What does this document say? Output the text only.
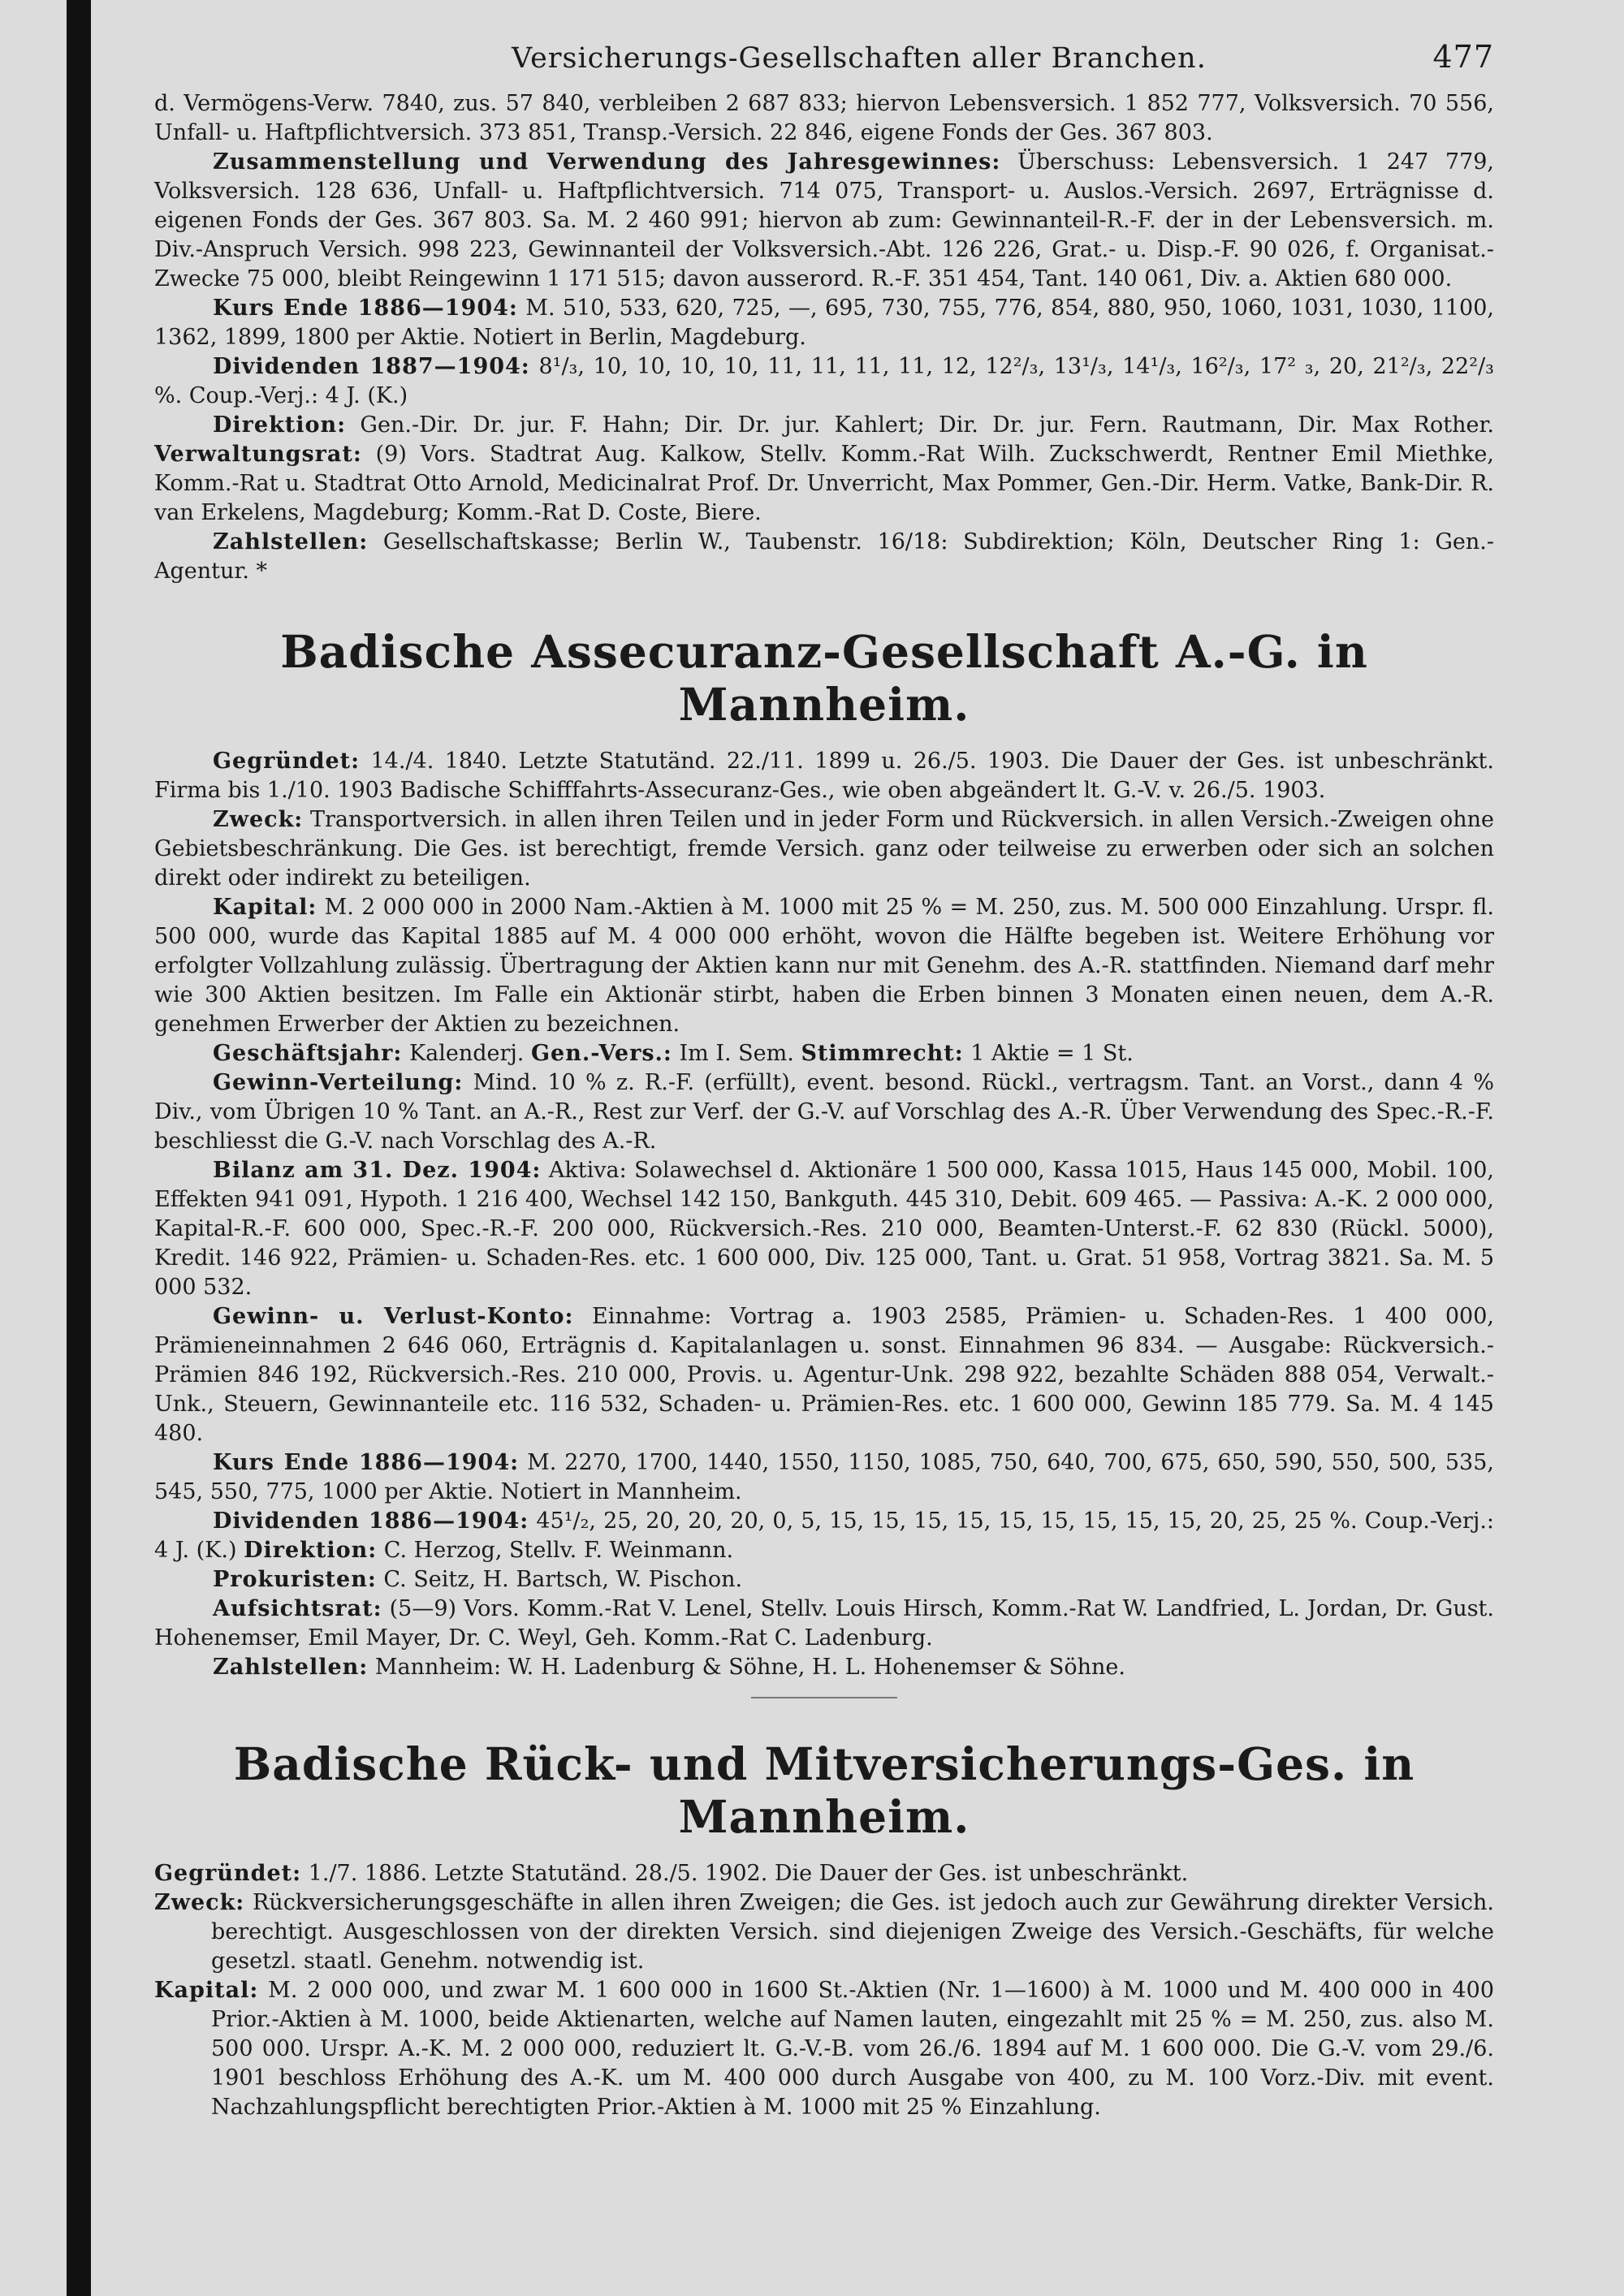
Versicherungs-Gesellschaften aller Branchen.	477

d. Vermögens-Verw. 7840, zus. 57 840, verbleiben 2 687 833; hiervon Lebensversich. 1 852 777, Volksversich. 70 556, Unfall- u. Haftpflichtversich. 373 851, Transp.-Versich. 22 846, eigene Fonds der Ges. 367 803.

Zusammenstellung und Verwendung des Jahresgewinnes: Überschuss: Lebensversich. 1 247 779, Volksversich. 128 636, Unfall- u. Haftpflichtversich. 714 075, Transport- u. Auslos.-Versich. 2697, Erträgnisse d. eigenen Fonds der Ges. 367 803. Sa. M. 2 460 991; hiervon ab zum: Gewinnanteil-R.-F. der in der Lebensversich. m. Div.-Anspruch Versich. 998 223, Gewinnanteil der Volksversich.-Abt. 126 226, Grat.- u. Disp.-F. 90 026, f. Organisat.-Zwecke 75 000, bleibt Reingewinn 1 171 515; davon ausserord. R.-F. 351 454, Tant. 140 061, Div. a. Aktien 680 000.

Kurs Ende 1886—1904: M. 510, 533, 620, 725, —, 695, 730, 755, 776, 854, 880, 950, 1060, 1031, 1030, 1100, 1362, 1899, 1800 per Aktie. Notiert in Berlin, Magdeburg.

Dividenden 1887—1904: 8¹/₃, 10, 10, 10, 10, 11, 11, 11, 11, 12, 12²/₃, 13¹/₃, 14¹/₃, 16²/₃, 17² ₃, 20, 21²/₃, 22²/₃ %. Coup.-Verj.: 4 J. (K.)

Direktion: Gen.-Dir. Dr. jur. F. Hahn; Dir. Dr. jur. Kahlert; Dir. Dr. jur. Fern. Rautmann, Dir. Max Rother. Verwaltungsrat: (9) Vors. Stadtrat Aug. Kalkow, Stellv. Komm.-Rat Wilh. Zuckschwerdt, Rentner Emil Miethke, Komm.-Rat u. Stadtrat Otto Arnold, Medicinalrat Prof. Dr. Unverricht, Max Pommer, Gen.-Dir. Herm. Vatke, Bank-Dir. R. van Erkelens, Magdeburg; Komm.-Rat D. Coste, Biere.

Zahlstellen: Gesellschaftskasse; Berlin W., Taubenstr. 16/18: Subdirektion; Köln, Deutscher Ring 1: Gen.-Agentur. *

Badische Assecuranz-Gesellschaft A.-G. in Mannheim.

Gegründet: 14./4. 1840. Letzte Statutänd. 22./11. 1899 u. 26./5. 1903. Die Dauer der Ges. ist unbeschränkt. Firma bis 1./10. 1903 Badische Schifffahrts-Assecuranz-Ges., wie oben abgeändert lt. G.-V. v. 26./5. 1903.

Zweck: Transportversich. in allen ihren Teilen und in jeder Form und Rückversich. in allen Versich.-Zweigen ohne Gebietsbeschränkung. Die Ges. ist berechtigt, fremde Versich. ganz oder teilweise zu erwerben oder sich an solchen direkt oder indirekt zu beteiligen.

Kapital: M. 2 000 000 in 2000 Nam.-Aktien à M. 1000 mit 25 % = M. 250, zus. M. 500 000 Einzahlung. Urspr. fl. 500 000, wurde das Kapital 1885 auf M. 4 000 000 erhöht, wovon die Hälfte begeben ist. Weitere Erhöhung vor erfolgter Vollzahlung zulässig. Übertragung der Aktien kann nur mit Genehm. des A.-R. stattfinden. Niemand darf mehr wie 300 Aktien besitzen. Im Falle ein Aktionär stirbt, haben die Erben binnen 3 Monaten einen neuen, dem A.-R. genehmen Erwerber der Aktien zu bezeichnen.

Geschäftsjahr: Kalenderj. Gen.-Vers.: Im I. Sem. Stimmrecht: 1 Aktie = 1 St.

Gewinn-Verteilung: Mind. 10 % z. R.-F. (erfüllt), event. besond. Rückl., vertragsm. Tant. an Vorst., dann 4 % Div., vom Übrigen 10 % Tant. an A.-R., Rest zur Verf. der G.-V. auf Vorschlag des A.-R. Über Verwendung des Spec.-R.-F. beschliesst die G.-V. nach Vorschlag des A.-R.

Bilanz am 31. Dez. 1904: Aktiva: Solawechsel d. Aktionäre 1 500 000, Kassa 1015, Haus 145 000, Mobil. 100, Effekten 941 091, Hypoth. 1 216 400, Wechsel 142 150, Bankguth. 445 310, Debit. 609 465. — Passiva: A.-K. 2 000 000, Kapital-R.-F. 600 000, Spec.-R.-F. 200 000, Rückversich.-Res. 210 000, Beamten-Unterst.-F. 62 830 (Rückl. 5000), Kredit. 146 922, Prämien- u. Schaden-Res. etc. 1 600 000, Div. 125 000, Tant. u. Grat. 51 958, Vortrag 3821. Sa. M. 5 000 532.

Gewinn- u. Verlust-Konto: Einnahme: Vortrag a. 1903 2585, Prämien- u. Schaden-Res. 1 400 000, Prämieneinnahmen 2 646 060, Erträgnis d. Kapitalanlagen u. sonst. Einnahmen 96 834. — Ausgabe: Rückversich.-Prämien 846 192, Rückversich.-Res. 210 000, Provis. u. Agentur-Unk. 298 922, bezahlte Schäden 888 054, Verwalt.-Unk., Steuern, Gewinnanteile etc. 116 532, Schaden- u. Prämien-Res. etc. 1 600 000, Gewinn 185 779. Sa. M. 4 145 480.

Kurs Ende 1886—1904: M. 2270, 1700, 1440, 1550, 1150, 1085, 750, 640, 700, 675, 650, 590, 550, 500, 535, 545, 550, 775, 1000 per Aktie. Notiert in Mannheim.

Dividenden 1886—1904: 45¹/₂, 25, 20, 20, 20, 0, 5, 15, 15, 15, 15, 15, 15, 15, 15, 15, 20, 25, 25 %. Coup.-Verj.: 4 J. (K.) Direktion: C. Herzog, Stellv. F. Weinmann.

Prokuristen: C. Seitz, H. Bartsch, W. Pischon.

Aufsichtsrat: (5—9) Vors. Komm.-Rat V. Lenel, Stellv. Louis Hirsch, Komm.-Rat W. Landfried, L. Jordan, Dr. Gust. Hohenemser, Emil Mayer, Dr. C. Weyl, Geh. Komm.-Rat C. Ladenburg.

Zahlstellen: Mannheim: W. H. Ladenburg & Söhne, H. L. Hohenemser & Söhne.

Badische Rück- und Mitversicherungs-Ges. in Mannheim.

Gegründet: 1./7. 1886. Letzte Statutänd. 28./5. 1902. Die Dauer der Ges. ist unbeschränkt.

Zweck: Rückversicherungsgeschäfte in allen ihren Zweigen; die Ges. ist jedoch auch zur Gewährung direkter Versich. berechtigt. Ausgeschlossen von der direkten Versich. sind diejenigen Zweige des Versich.-Geschäfts, für welche gesetzl. staatl. Genehm. notwendig ist.

Kapital: M. 2 000 000, und zwar M. 1 600 000 in 1600 St.-Aktien (Nr. 1—1600) à M. 1000 und M. 400 000 in 400 Prior.-Aktien à M. 1000, beide Aktienarten, welche auf Namen lauten, eingezahlt mit 25 % = M. 250, zus. also M. 500 000. Urspr. A.-K. M. 2 000 000, reduziert lt. G.-V.-B. vom 26./6. 1894 auf M. 1 600 000. Die G.-V. vom 29./6. 1901 beschloss Erhöhung des A.-K. um M. 400 000 durch Ausgabe von 400, zu M. 100 Vorz.-Div. mit event. Nachzahlungspflicht berechtigten Prior.-Aktien à M. 1000 mit 25 % Einzahlung.
